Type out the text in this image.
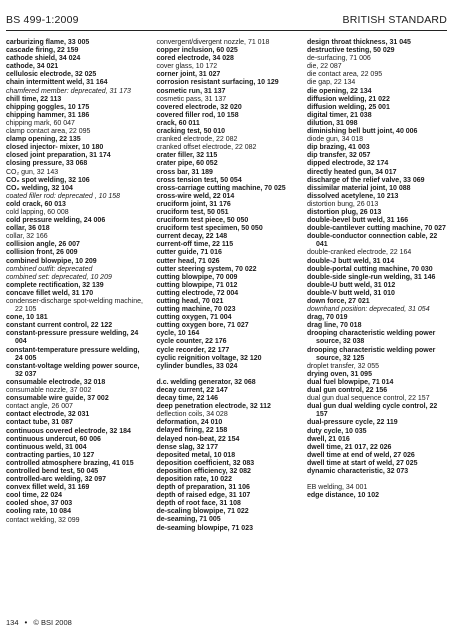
BS 499-1:2009	BRITISH STANDARD
carburizing flame, 33 005
cascade firing, 22 159
cathode shield, 34 024
cathode, 34 021
cellulosic electrode, 32 025
chain intermittent weld, 31 164
chamfered member: deprecated, 31 173
chill time, 22 113
chipping goggles, 10 175
chipping hammer, 31 186
chipping mark, 60 047
clamp contact area, 22 095
clamp opening, 22 135
closed injector- mixer, 10 180
closed joint preparation, 31 174
closing pressure, 33 068
CO₂ gun, 32 143
CO₂ spot welding, 32 106
CO₂ welding, 32 104
coated filler rod: deprecated , 10 158
cold crack, 60 013
cold lapping, 60 008
cold pressure welding, 24 006
collar, 36 018
collar, 32 166
collision angle, 26 007
collision front, 26 009
combined blowpipe, 10 209
combined outfit: deprecated
combined set: deprecated, 10 209
complete rectification, 32 139
concave fillet weld, 31 170
condenser-discharge spot-welding machine, 22 105
cone, 10 181
constant current control, 22 122
constant-pressure pressure welding, 24 004
constant-temperature pressure welding, 24 005
constant-voltage welding power source, 32 037
consumable electrode, 32 018
consumable nozzle, 37 002
consumable wire guide, 37 002
contact angle, 26 007
contact electrode, 32 031
contact tube, 31 087
continuous covered electrode, 32 184
continuous undercut, 60 006
continuous weld, 31 004
contracting parties, 10 127
controlled atmosphere brazing, 41 015
controlled bend test, 50 045
controlled-arc welding, 32 097
convex fillet weld, 31 169
cool time, 22 024
cooled shoe, 37 003
cooling rate, 10 084
contact welding, 32 099
convergent/divergent nozzle, 71 018
copper inclusion, 60 025
cored electrode, 34 028
cover glass, 10 172
corner joint, 31 027
corrosion resistant surfacing, 10 129
cosmetic run, 31 137
cosmetic pass, 31 137
covered electrode, 32 020
covered filler rod, 10 158
crack, 60 011
cracking test, 50 010
cranked electrode, 22 082
cranked offset electrode, 22 082
crater filler, 32 115
crater pipe, 60 052
cross bar, 31 189
cross tension test, 50 054
cross-carriage cutting machine, 70 025
cross-wire weld, 22 014
cruciform joint, 31 176
cruciform test, 50 051
cruciform test piece, 50 050
cruciform test specimen, 50 050
current decay, 22 148
current-off time, 22 115
cutter guide, 71 016
cutter head, 71 026
cutter steering system, 70 022
cutting blowpipe, 70 009
cutting blowpipe, 71 012
cutting electrode, 72 004
cutting head, 70 021
cutting machine, 70 023
cutting oxygen, 71 004
cutting oxygen bore, 71 027
cycle, 10 164
cycle counter, 22 176
cycle recorder, 22 177
cyclic reignition voltage, 32 120
cylinder bundles, 33 024
d.c. welding generator, 32 068
decay current, 22 147
decay time, 22 146
deep penetration electrode, 32 112
deflection coils, 34 028
deformation, 24 010
delayed firing, 22 158
delayed non-beat, 22 154
dense slag, 32 177
deposited metal, 10 018
deposition coefficient, 32 083
deposition efficiency, 32 082
deposition rate, 10 022
depth of preparation, 31 106
depth of raised edge, 31 107
depth of root face, 31 108
de-scaling blowpipe, 71 022
de-seaming, 71 005
de-seaming blowpipe, 71 023
design throat thickness, 31 045
destructive testing, 50 029
de-surfacing, 71 006
die, 22 087
die contact area, 22 095
die gap, 22 134
die opening, 22 134
diffusion welding, 21 022
diffusion welding, 25 001
digital timer, 21 038
dilution, 31 098
diminishing bell butt joint, 40 006
diode gun, 34 018
dip brazing, 41 003
dip transfer, 32 057
dipped electrode, 32 174
directly heated gun, 34 017
discharge of the relief valve, 33 069
dissimilar material joint, 10 088
dissolved acetylene, 10 213
distortion bung, 26 013
distortion plug, 26 013
double-bevel butt weld, 31 166
double-cantilever cutting machine, 70 027
double-conductor connection cable, 22 041
double-cranked electrode, 22 164
double-J butt weld, 31 014
double-portal cutting machine, 70 030
double-side single-run welding, 31 146
double-U butt weld, 31 012
double-V butt weld, 31 010
down force, 27 021
downhand position: deprecated, 31 054
drag, 70 019
drag line, 70 018
drooping characteristic welding power source, 32 038
drooping characteristic welding power source, 32 125
droplet transfer, 32 055
drying oven, 31 095
dual fuel blowpipe, 71 014
dual gun control, 22 156
dual gun dual sequence control, 22 157
dual gun dual welding cycle control, 22 157
dual-pressure cycle, 22 119
duty cycle, 10 035
dwell, 21 016
dwell time, 21 017, 22 026
dwell time at end of weld, 27 026
dwell time at start of weld, 27 025
dynamic characteristic, 32 073
EB welding, 34 001
edge distance, 10 102
134 • © BSI 2008
